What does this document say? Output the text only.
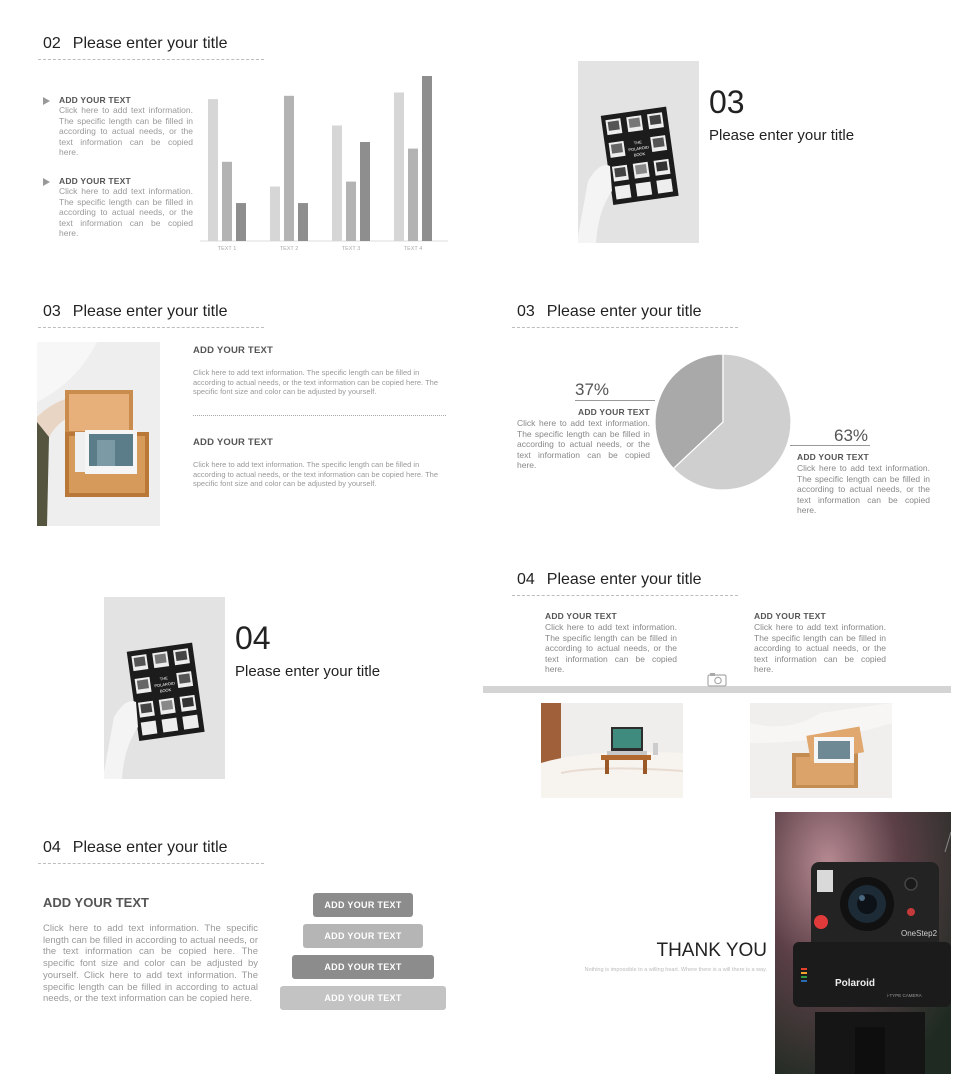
02 Please enter your title
ADD YOUR TEXT
Click here to add text information. The specific length can be filled in according to actual needs, or the text information can be copied here.
ADD YOUR TEXT
Click here to add text information. The specific length can be filled in according to actual needs, or the text information can be copied here.
TEXT 1	TEXT 2	TEXT 3	TEXT 4
THE
POLAROID
BOOK
03
Please enter your title
03 Please enter your title
ADD YOUR TEXT
Click here to add text information. The specific length can be filled in according to actual needs, or the text information can be copied here. The specific font size and color can be adjusted by yourself.
ADD YOUR TEXT
Click here to add text information. The specific length can be filled in according to actual needs, or the text information can be copied here. The specific font size and color can be adjusted by yourself.
03 Please enter your title
37%
ADD YOUR TEXT
Click here to add text information. The specific length can be filled in according to actual needs, or the text information can be copied here.
63%
ADD YOUR TEXT
Click here to add text information. The specific length can be filled in according to actual needs, or the text information can be copied here.
THE
POLAROID
BOOK
04
Please enter your title
04 Please enter your title
ADD YOUR TEXT
Click here to add text information. The specific length can be filled in according to actual needs, or the text information can be copied here.
ADD YOUR TEXT
Click here to add text information. The specific length can be filled in according to actual needs, or the text information can be copied here.
04 Please enter your title
ADD YOUR TEXT
Click here to add text information. The specific length can be filled in according to actual needs, or the text information can be copied here. The specific font size and color can be adjusted by yourself. Click here to add text information. The specific length can be filled in according to actual needs, or the text information can be copied here.
ADD YOUR TEXT
ADD YOUR TEXT
ADD YOUR TEXT
ADD YOUR TEXT
THANK YOU
Nothing is impossible to a willing heart. Where there is a will there is a way.
OneStep2
Polaroid
i-TYPE CAMERA
